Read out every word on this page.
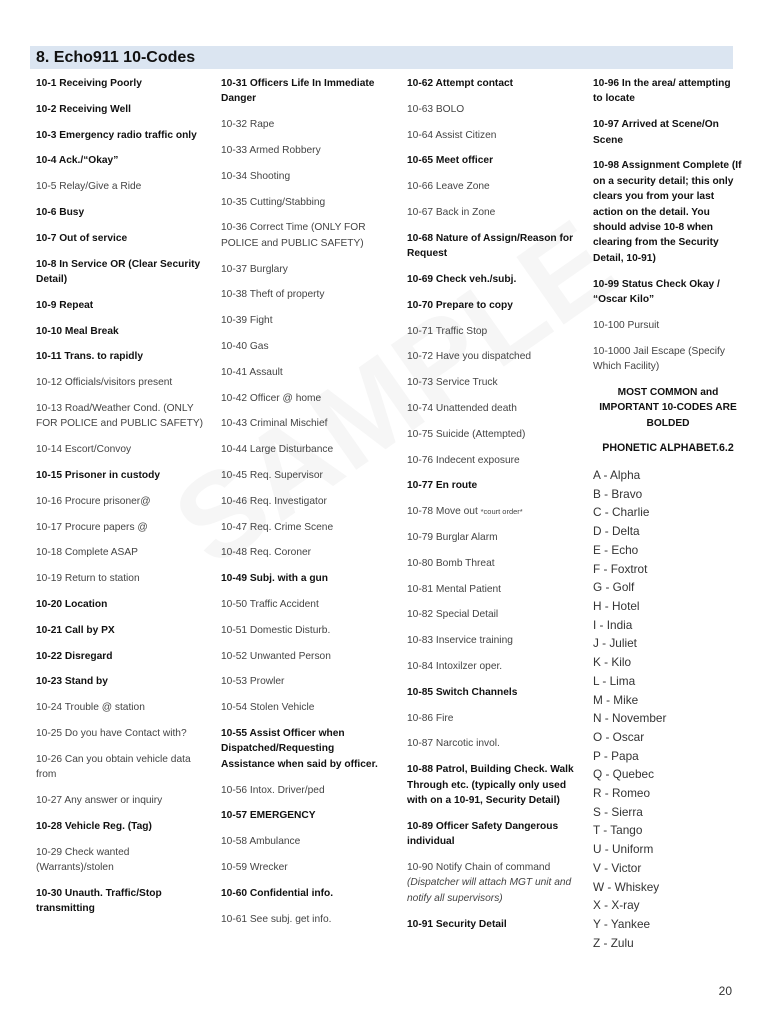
8. Echo911 10-Codes
10-1 Receiving Poorly
10-2 Receiving Well
10-3 Emergency radio traffic only
10-4 Ack./“Okay”
10-5 Relay/Give a Ride
10-6 Busy
10-7 Out of service
10-8 In Service OR (Clear Security Detail)
10-9 Repeat
10-10 Meal Break
10-11 Trans. to rapidly
10-12 Officials/visitors present
10-13 Road/Weather Cond. (ONLY FOR POLICE and PUBLIC SAFETY)
10-14 Escort/Convoy
10-15 Prisoner in custody
10-16 Procure prisoner@
10-17 Procure papers @
10-18 Complete ASAP
10-19 Return to station
10-20 Location
10-21 Call by PX
10-22 Disregard
10-23 Stand by
10-24 Trouble @ station
10-25 Do you have Contact with?
10-26 Can you obtain vehicle data from
10-27 Any answer or inquiry
10-28 Vehicle Reg. (Tag)
10-29 Check wanted (Warrants)/stolen
10-30 Unauth. Traffic/Stop transmitting
10-31 Officers Life In Immediate Danger
10-32 Rape
10-33 Armed Robbery
10-34 Shooting
10-35 Cutting/Stabbing
10-36 Correct Time (ONLY FOR POLICE and PUBLIC SAFETY)
10-37 Burglary
10-38 Theft of property
10-39 Fight
10-40 Gas
10-41 Assault
10-42 Officer @ home
10-43 Criminal Mischief
10-44 Large Disturbance
10-45 Req. Supervisor
10-46 Req. Investigator
10-47 Req. Crime Scene
10-48 Req. Coroner
10-49 Subj. with a gun
10-50 Traffic Accident
10-51 Domestic Disturb.
10-52 Unwanted Person
10-53 Prowler
10-54 Stolen Vehicle
10-55 Assist Officer when Dispatched/Requesting Assistance when said by officer.
10-56 Intox. Driver/ped
10-57 EMERGENCY
10-58 Ambulance
10-59 Wrecker
10-60 Confidential info.
10-61 See subj. get info.
10-62 Attempt contact
10-63 BOLO
10-64 Assist Citizen
10-65 Meet officer
10-66 Leave Zone
10-67 Back in Zone
10-68 Nature of Assign/Reason for Request
10-69 Check veh./subj.
10-70 Prepare to copy
10-71 Traffic Stop
10-72 Have you dispatched
10-73 Service Truck
10-74 Unattended death
10-75 Suicide (Attempted)
10-76 Indecent exposure
10-77 En route
10-78 Move out *court order*
10-79 Burglar Alarm
10-80 Bomb Threat
10-81 Mental Patient
10-82 Special Detail
10-83 Inservice training
10-84 Intoxilzer oper.
10-85 Switch Channels
10-86 Fire
10-87 Narcotic invol.
10-88 Patrol, Building Check. Walk Through etc. (typically only used with on a 10-91, Security Detail)
10-89 Officer Safety Dangerous individual
10-90 Notify Chain of command (Dispatcher will attach MGT unit and notify all supervisors)
10-91 Security Detail
10-96 In the area/ attempting to locate
10-97 Arrived at Scene/On Scene
10-98 Assignment Complete (If on a security detail; this only clears you from your last action on the detail. You should advise 10-8 when clearing from the Security Detail, 10-91)
10-99 Status Check Okay / “Oscar Kilo”
10-100 Pursuit
10-1000 Jail Escape (Specify Which Facility)
MOST COMMON and IMPORTANT 10-CODES ARE BOLDED
PHONETIC ALPHABET.6.2
A - Alpha
B - Bravo
C - Charlie
D - Delta
E - Echo
F - Foxtrot
G - Golf
H - Hotel
I - India
J - Juliet
K - Kilo
L - Lima
M - Mike
N - November
O - Oscar
P - Papa
Q - Quebec
R - Romeo
S - Sierra
T - Tango
U - Uniform
V - Victor
W - Whiskey
X - X-ray
Y - Yankee
Z - Zulu
20
